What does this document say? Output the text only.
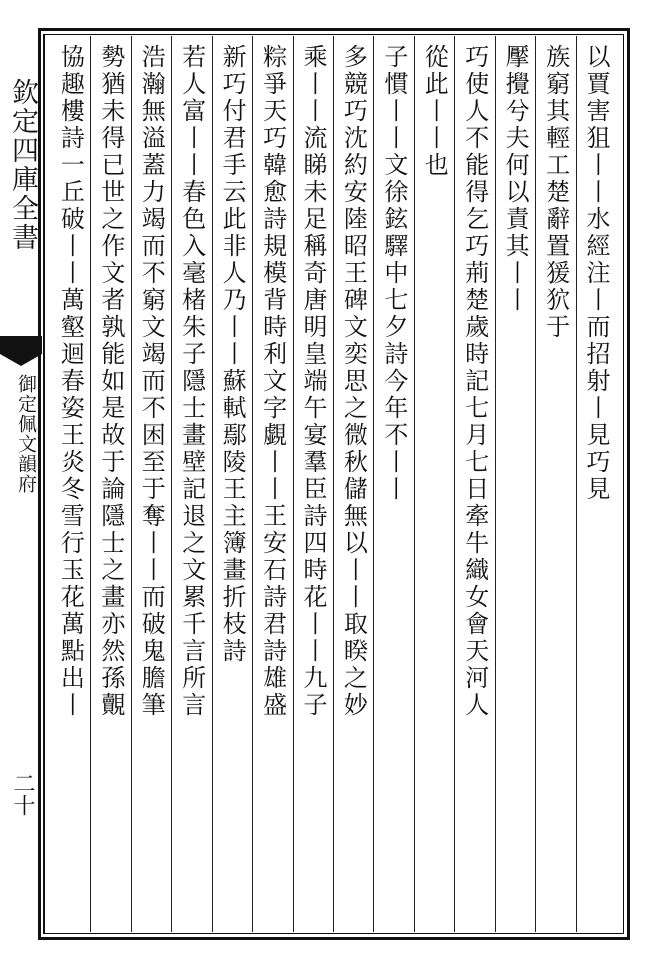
欽定四庫全書
御定佩文韻府
二十
以賈害狙丨丨水經注丨而招射丨見巧見
族窮其輕工楚辭置猨狖于
擪攪兮夫何以責其丨丨
巧使人不能得乞巧荊楚歲時記七月七日牽牛織女會天河人
從此丨丨也
子慣丨丨文徐鉉驛中七夕詩今年不丨丨
多競巧沈約安陸昭王碑文奕思之微秋儲無以丨丨取睽之妙
乘丨丨流睇未足稱奇唐明皇端午宴羣臣詩四時花丨丨九子
粽爭天巧韓愈詩規模背時利文字覷丨丨王安石詩君詩雄盛
新巧付君手云此非人乃丨丨蘇軾鄢陵王主簿畫折枝詩
若人富丨丨春色入毫楮朱子隱士畫壁記退之文累千言所言
浩瀚無溢蓋力竭而不窮文竭而不困至于奪丨丨而破鬼膽筆
勢猶未得已世之作文者孰能如是故于論隱士之畫亦然孫覿
協趣樓詩一丘破丨丨萬壑迴春姿王炎冬雪行玉花萬點出丨
